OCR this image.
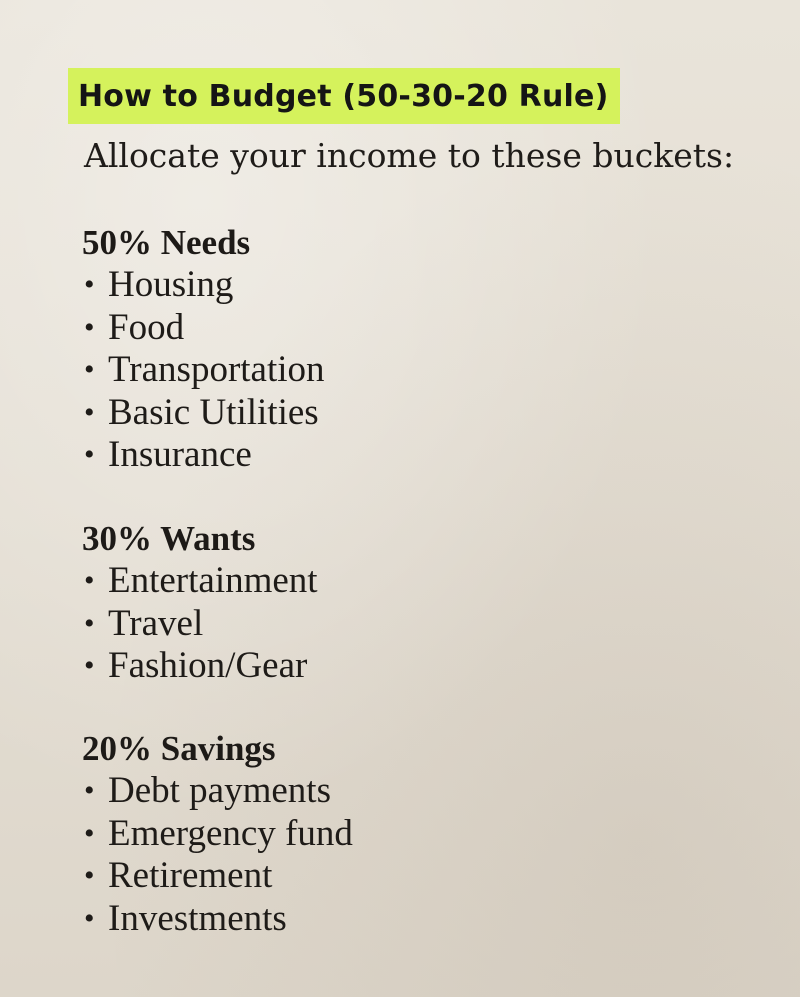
How to Budget (50-30-20 Rule)
Allocate your income to these buckets:
50% Needs
• Housing
• Food
• Transportation
• Basic Utilities
• Insurance
30% Wants
• Entertainment
• Travel
• Fashion/Gear
20% Savings
• Debt payments
• Emergency fund
• Retirement
• Investments
